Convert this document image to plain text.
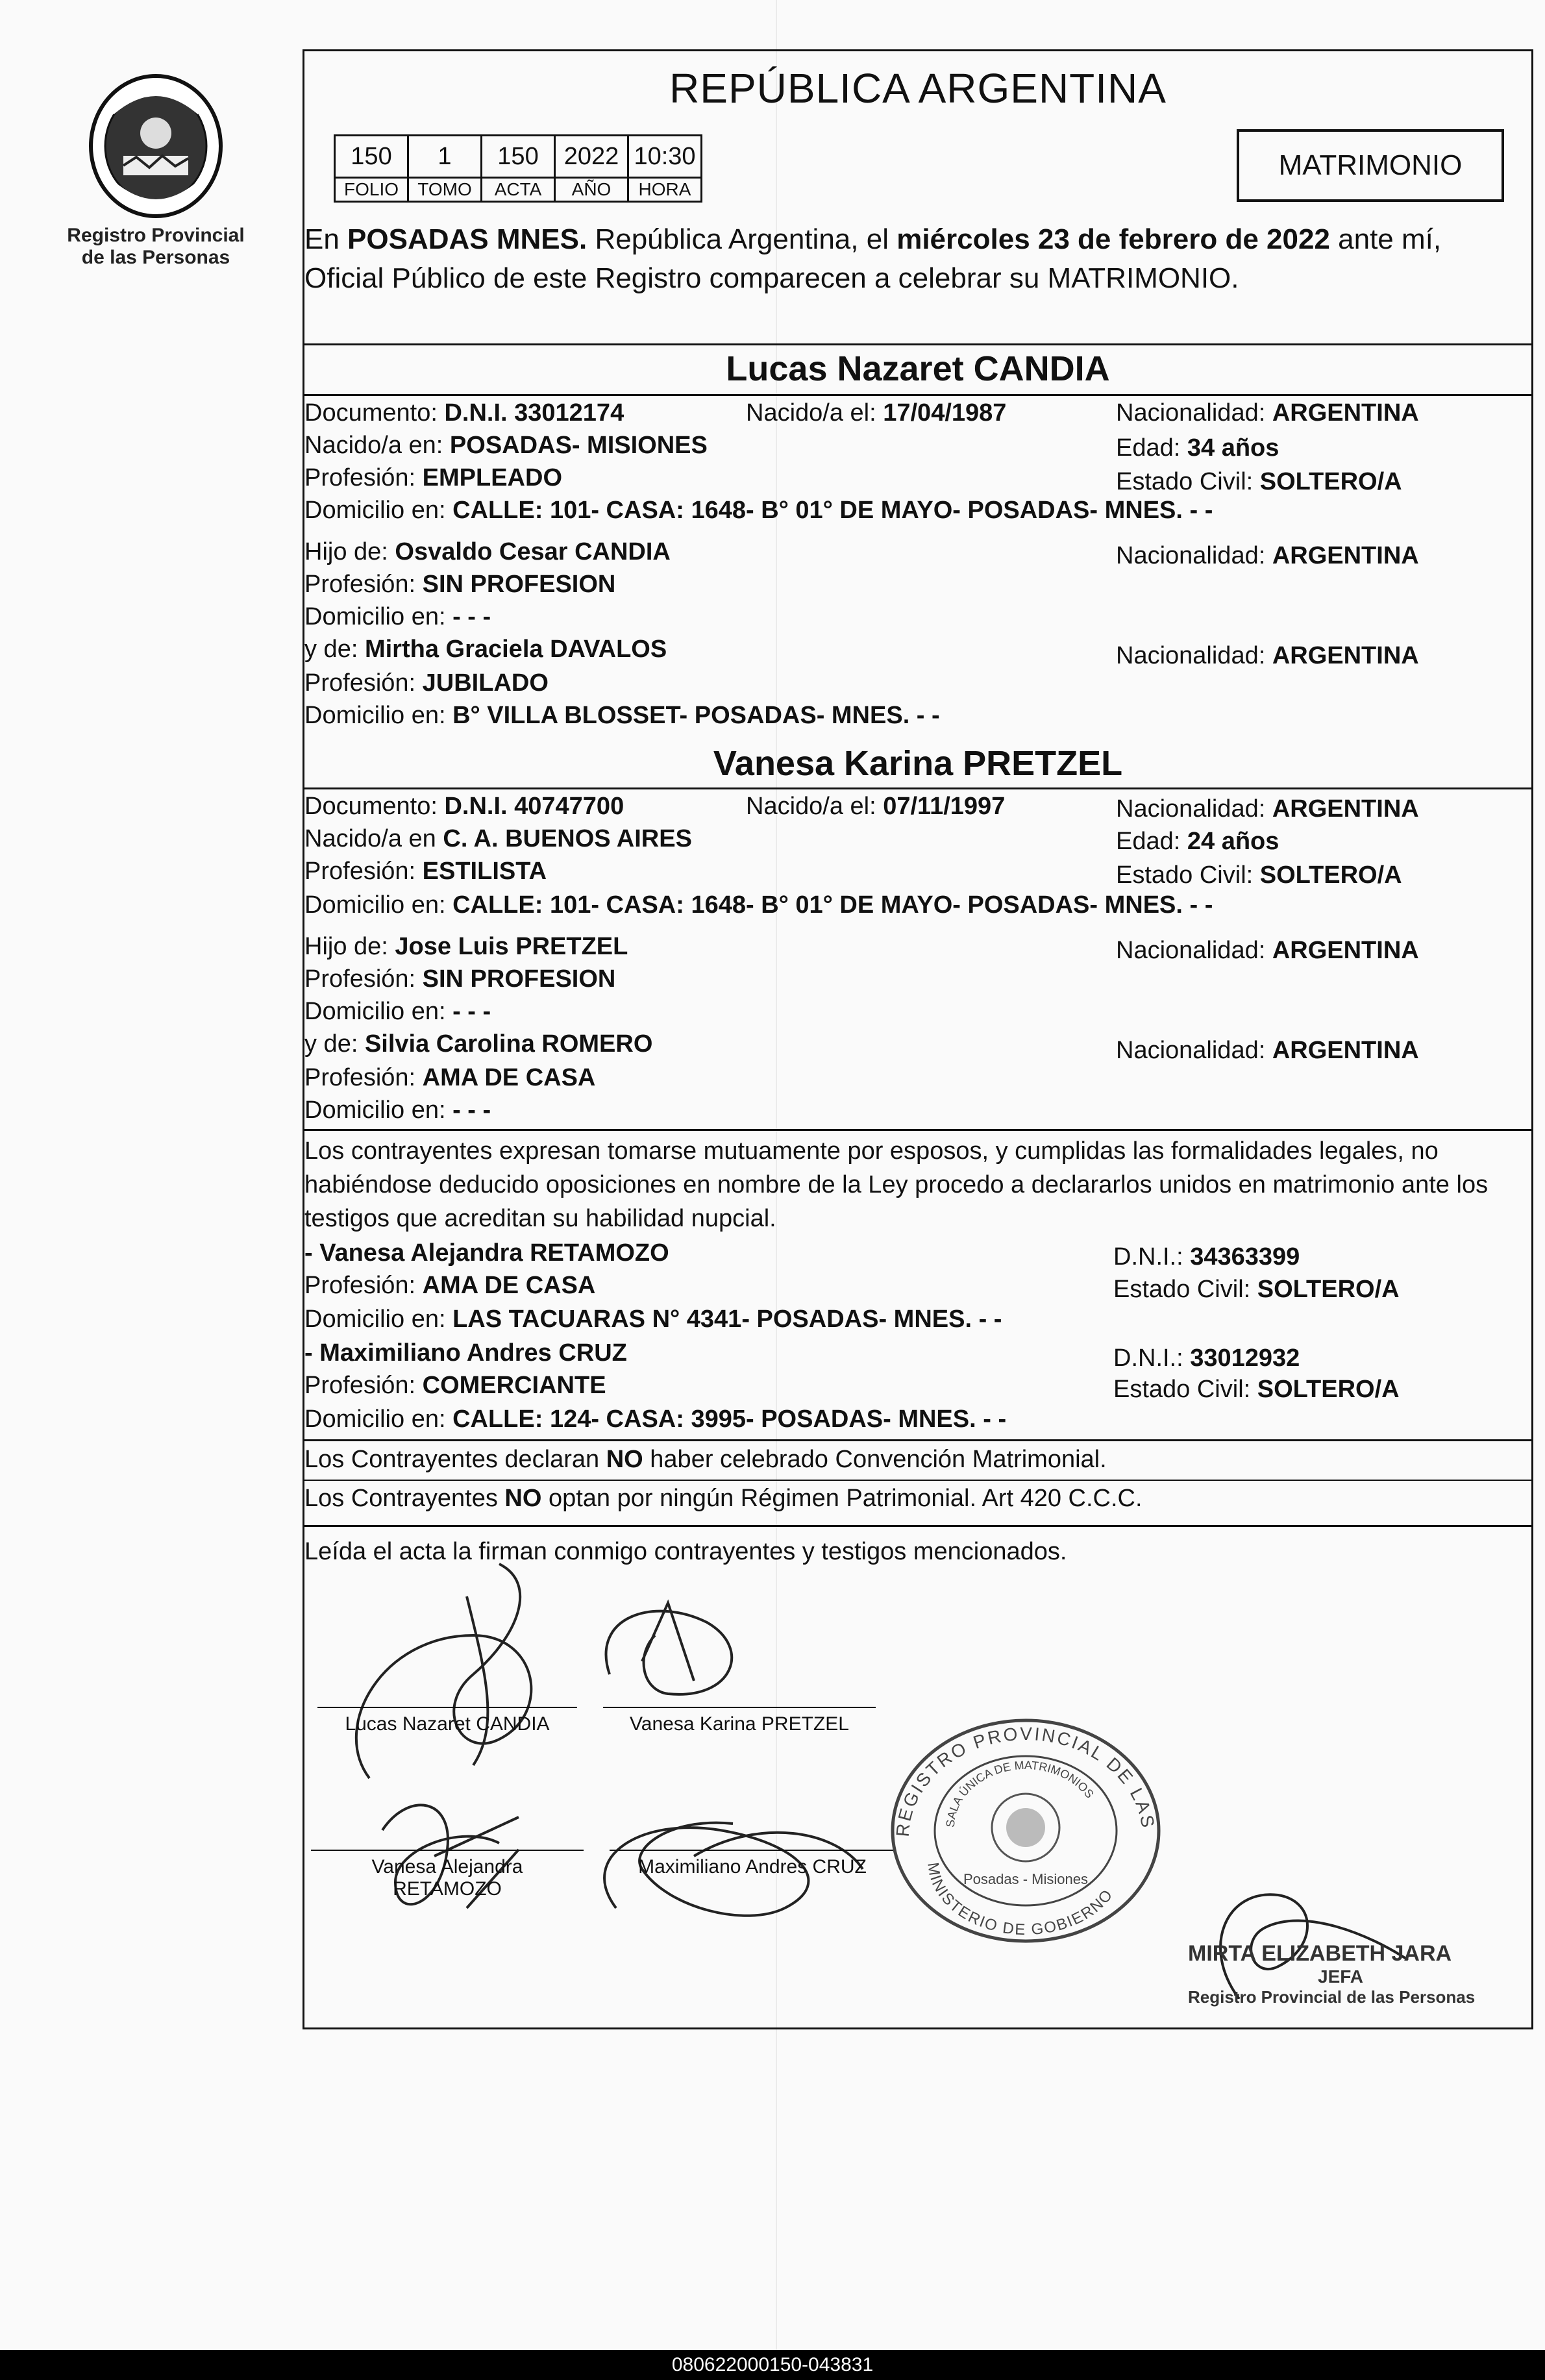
Registro Provincial
de las Personas
REPÚBLICA ARGENTINA
150	1	150	2022	10:30
FOLIO	TOMO	ACTA	AÑO	HORA
MATRIMONIO
En POSADAS MNES. República Argentina, el miércoles 23 de febrero de 2022 ante mí,
Oficial Público de este Registro comparecen a celebrar su MATRIMONIO.
Lucas Nazaret CANDIA
Documento: D.N.I. 33012174	Nacido/a el: 17/04/1987	Nacionalidad: ARGENTINA
Nacido/a en: POSADAS- MISIONES	Edad: 34 años
Profesión: EMPLEADO	Estado Civil: SOLTERO/A
Domicilio en: CALLE: 101- CASA: 1648- B° 01° DE MAYO- POSADAS- MNES. - -
Hijo de: Osvaldo Cesar CANDIA	Nacionalidad: ARGENTINA
Profesión: SIN PROFESION
Domicilio en: - - -
y de: Mirtha Graciela DAVALOS	Nacionalidad: ARGENTINA
Profesión: JUBILADO
Domicilio en: B° VILLA BLOSSET- POSADAS- MNES. - -
Vanesa Karina PRETZEL
Documento: D.N.I. 40747700	Nacido/a el: 07/11/1997	Nacionalidad: ARGENTINA
Nacido/a en C. A. BUENOS AIRES	Edad: 24 años
Profesión: ESTILISTA	Estado Civil: SOLTERO/A
Domicilio en: CALLE: 101- CASA: 1648- B° 01° DE MAYO- POSADAS- MNES. - -
Hijo de: Jose Luis PRETZEL	Nacionalidad: ARGENTINA
Profesión: SIN PROFESION
Domicilio en: - - -
y de: Silvia Carolina ROMERO	Nacionalidad: ARGENTINA
Profesión: AMA DE CASA
Domicilio en: - - -
Los contrayentes expresan tomarse mutuamente por esposos, y cumplidas las formalidades legales, no habiéndose deducido oposiciones en nombre de la Ley procedo a declararlos unidos en matrimonio ante los testigos que acreditan su habilidad nupcial.
- Vanesa Alejandra RETAMOZO	D.N.I.: 34363399
Profesión: AMA DE CASA	Estado Civil: SOLTERO/A
Domicilio en: LAS TACUARAS N° 4341- POSADAS- MNES. - -
- Maximiliano Andres CRUZ	D.N.I.: 33012932
Profesión: COMERCIANTE	Estado Civil: SOLTERO/A
Domicilio en: CALLE: 124- CASA: 3995- POSADAS- MNES. - -
Los Contrayentes declaran NO haber celebrado Convención Matrimonial.
Los Contrayentes NO optan por ningún Régimen Patrimonial. Art 420 C.C.C.
Leída el acta la firman conmigo contrayentes y testigos mencionados.
Lucas Nazaret CANDIA	Vanesa Karina PRETZEL
Vanesa Alejandra
RETAMOZO
Maximiliano Andres CRUZ
REGISTRO PROVINCIAL DE LAS
SALA ÚNICA DE MATRIMONIOS
MINISTERIO DE GOBIERNO
Posadas - Misiones
MIRTA ELIZABETH JARA
JEFA
Registro Provincial de las Personas
080622000150-043831
